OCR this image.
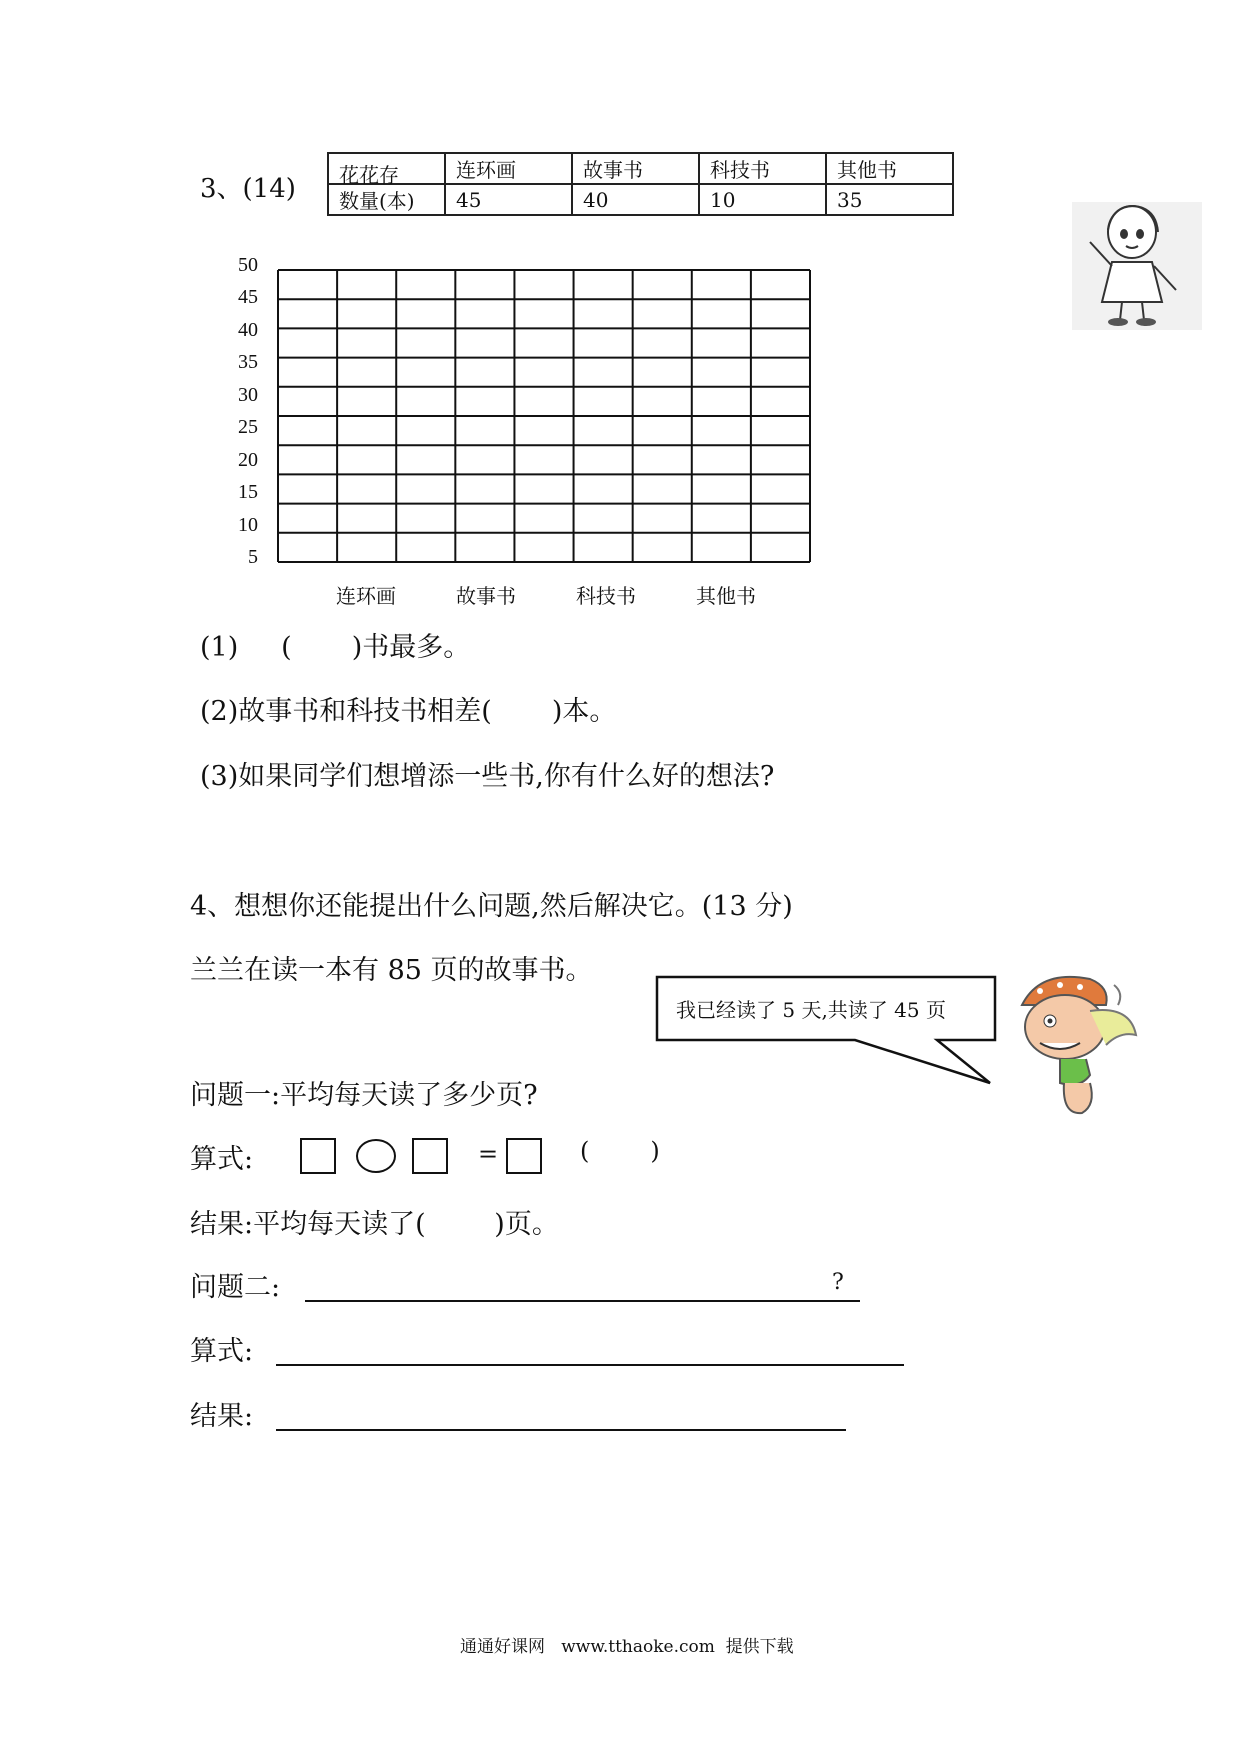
3、(14) 花花存	连环画	故事书	科技书	其他书
数量(本)	45	40	10	35
50
45
40
35
30
25
20
15
10
5
连环画	故事书	科技书	其他书
(1)     (       )书最多。
(2)故事书和科技书相差(       )本。
(3)如果同学们想增添一些书,你有什么好的想法?
4、想想你还能提出什么问题,然后解决它。(13 分)
兰兰在读一本有 85 页的故事书。
我已经读了 5 天,共读了 45 页
问题一:平均每天读了多少页?
算式:	=	(        )
结果:平均每天读了(        )页。
问题二:	?
算式:
结果:
通通好课网   www.tthaoke.com  提供下载
